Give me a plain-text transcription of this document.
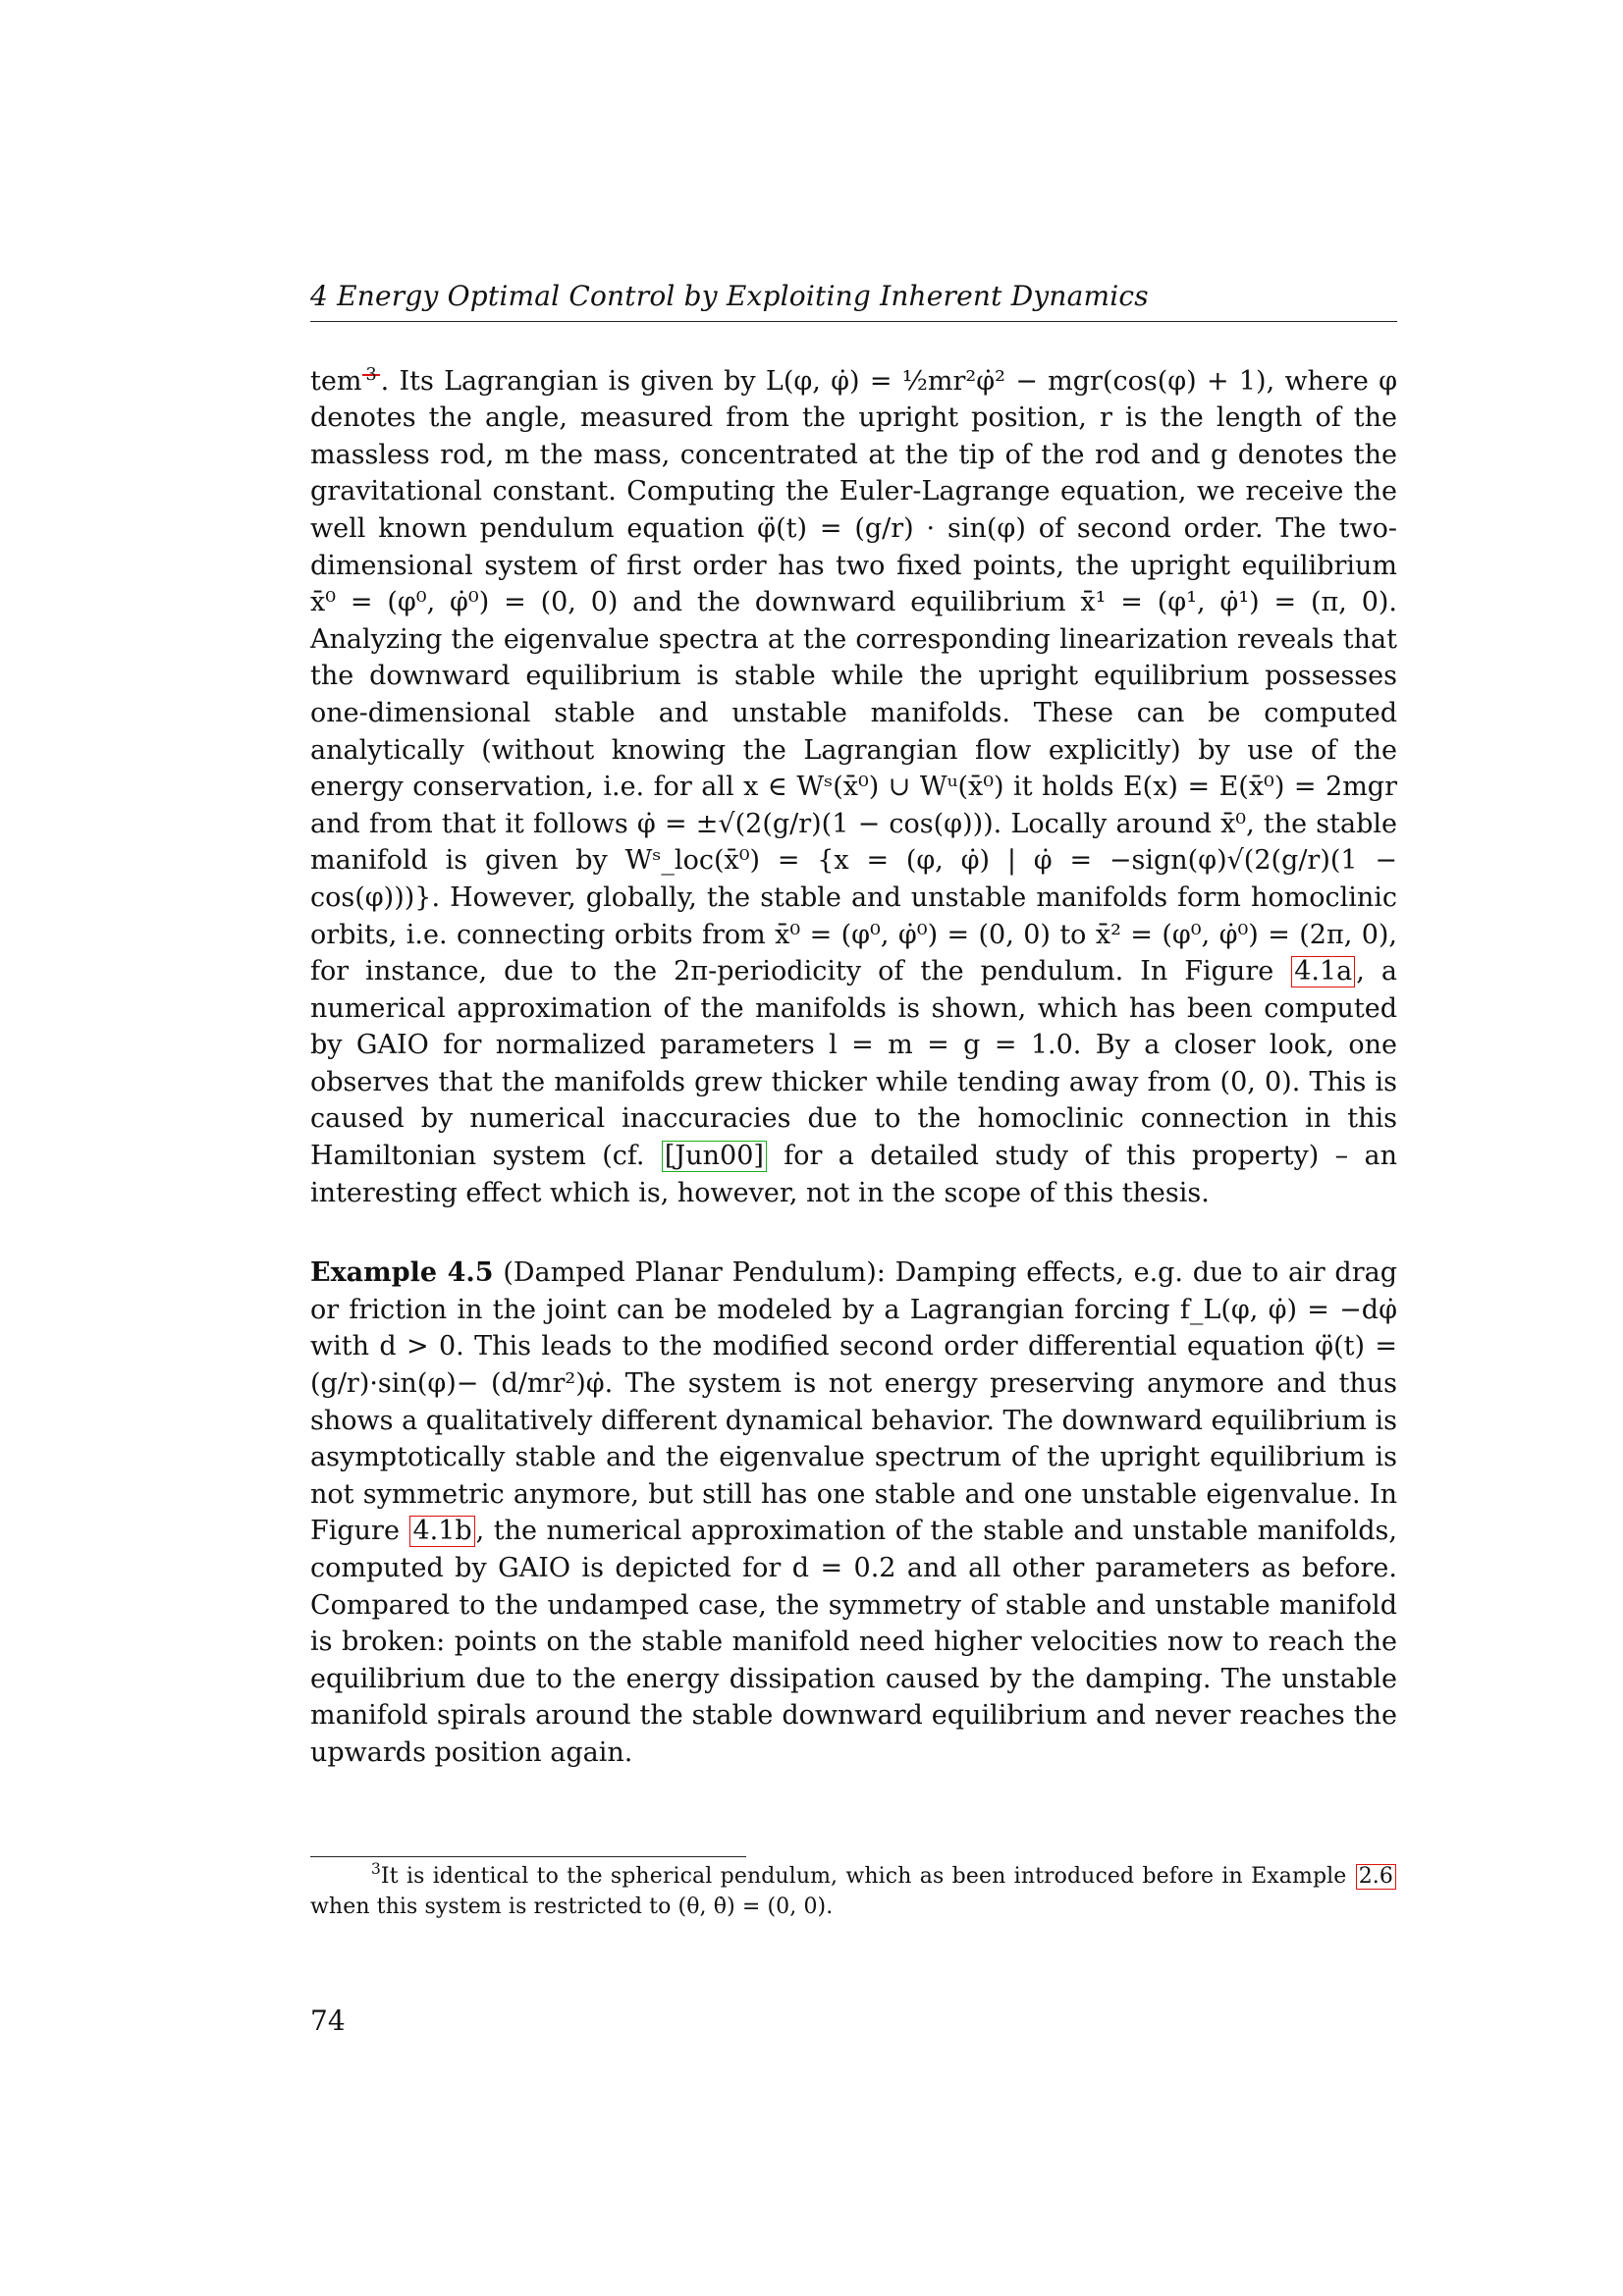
4 Energy Optimal Control by Exploiting Inherent Dynamics

tem 3 . Its Lagrangian is given by L(φ, φ̇) = ½mr²φ̇² − mgr(cos(φ) + 1), where φ denotes the angle, measured from the upright position, r is the length of the massless rod, m the mass, concentrated at the tip of the rod and g denotes the gravitational constant. Computing the Euler-Lagrange equation, we receive the well known pendulum equation φ̈(t) = (g/r) · sin(φ) of second order. The two-dimensional system of first order has two fixed points, the upright equilibrium x̄⁰ = (φ⁰, φ̇⁰) = (0, 0) and the downward equilibrium x̄¹ = (φ¹, φ̇¹) = (π, 0). Analyzing the eigenvalue spectra at the corresponding linearization reveals that the downward equilibrium is stable while the upright equilibrium possesses one-dimensional stable and unstable manifolds. These can be computed analytically (without knowing the Lagrangian flow explicitly) by use of the energy conservation, i.e. for all x ∈ Wˢ(x̄⁰) ∪ Wᵘ(x̄⁰) it holds E(x) = E(x̄⁰) = 2mgr and from that it follows φ̇ = ±√(2(g/r)(1 − cos(φ))). Locally around x̄⁰, the stable manifold is given by Wˢ_loc(x̄⁰) = {x = (φ, φ̇) | φ̇ = −sign(φ)√(2(g/r)(1 − cos(φ)))}. However, globally, the stable and unstable manifolds form homoclinic orbits, i.e. connecting orbits from x̄⁰ = (φ⁰, φ̇⁰) = (0, 0) to x̄² = (φ⁰, φ̇⁰) = (2π, 0), for instance, due to the 2π-periodicity of the pendulum. In Figure 4.1a , a numerical approximation of the manifolds is shown, which has been computed by GAIO for normalized parameters l = m = g = 1.0. By a closer look, one observes that the manifolds grew thicker while tending away from (0, 0). This is caused by numerical inaccuracies due to the homoclinic connection in this Hamiltonian system (cf. [Jun00] for a detailed study of this property) – an interesting effect which is, however, not in the scope of this thesis.

Example 4.5 (Damped Planar Pendulum): Damping effects, e.g. due to air drag or friction in the joint can be modeled by a Lagrangian forcing f_L(φ, φ̇) = −dφ̇ with d > 0. This leads to the modified second order differential equation φ̈(t) = (g/r)·sin(φ)− (d/mr²)φ̇. The system is not energy preserving anymore and thus shows a qualitatively different dynamical behavior. The downward equilibrium is asymptotically stable and the eigenvalue spectrum of the upright equilibrium is not symmetric anymore, but still has one stable and one unstable eigenvalue. In Figure 4.1b , the numerical approximation of the stable and unstable manifolds, computed by GAIO is depicted for d = 0.2 and all other parameters as before. Compared to the undamped case, the symmetry of stable and unstable manifold is broken: points on the stable manifold need higher velocities now to reach the equilibrium due to the energy dissipation caused by the damping. The unstable manifold spirals around the stable downward equilibrium and never reaches the upwards position again.

$^3$It is identical to the spherical pendulum, which as been introduced before in Example 2.6 when this system is restricted to (θ, θ̇) = (0, 0).

74
